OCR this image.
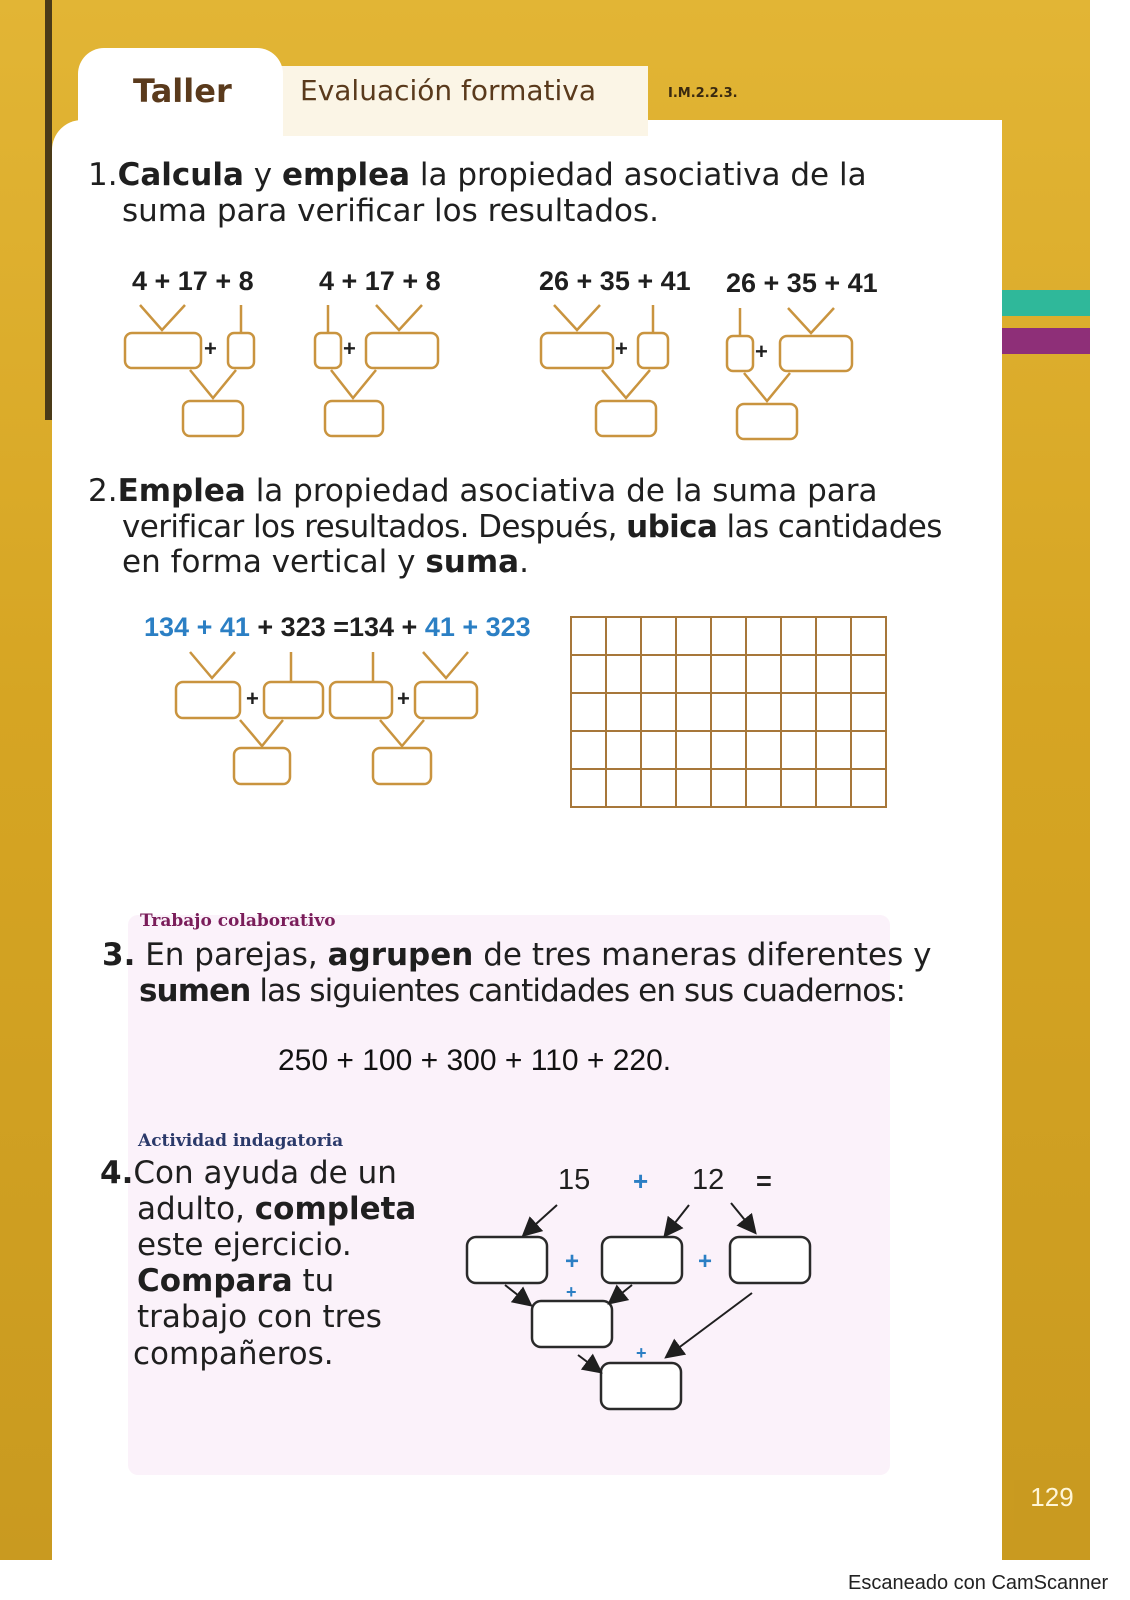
Taller Evaluación formativa	I.M.2.2.3.
1.Calcula y emplea la propiedad asociativa de la
suma para verificar los resultados.
4 + 17 + 8 4 + 17 + 8	26 + 35 + 41 26 + 35 + 41
+	+	+	+
2.Emplea la propiedad asociativa de la suma para
verificar los resultados. Después, ubica las cantidades
en forma vertical y suma.
134 + 41 + 323 =134 + 41 + 323
+	+

Trabajo colaborativo
3. En parejas, agrupen de tres maneras diferentes y
sumen las siguientes cantidades en sus cuadernos:
250 + 100 + 300 + 110 + 220.
Actividad indagatoria
4.Con ayuda de un
adulto, completa
este ejercicio.
Compara tu
trabajo con tres
compañeros.
15 + 12 =
+	+
+
+
129
Escaneado con CamScanner
